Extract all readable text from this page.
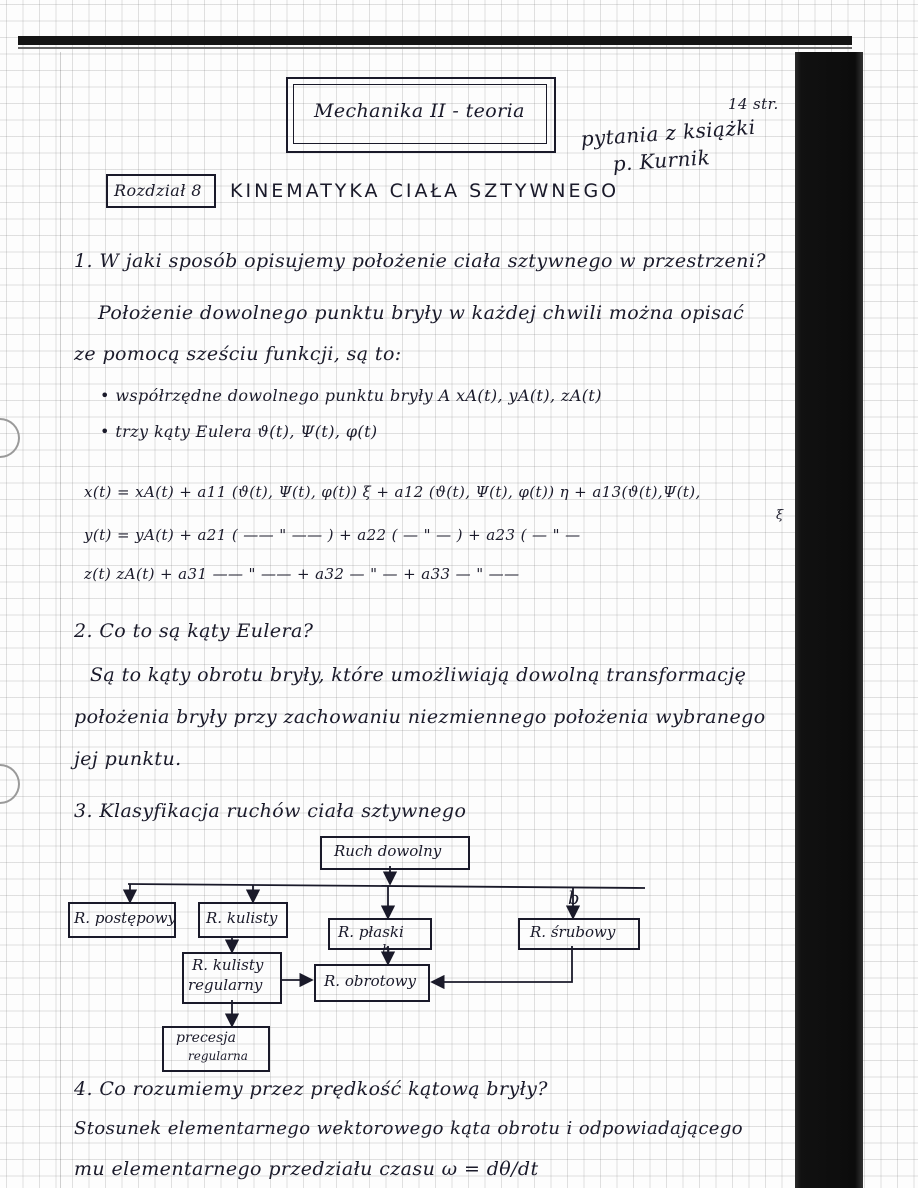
Mechanika II - teoria	14 str.
pytania z książki
p. Kurnik
Rozdział 8 KINEMATYKA CIAŁA SZTYWNEGO
1. W jaki sposób opisujemy położenie ciała sztywnego w przestrzeni?
Położenie dowolnego punktu bryły w każdej chwili można opisać
ze pomocą sześciu funkcji, są to:
• współrzędne dowolnego punktu bryły A xA(t), yA(t), zA(t)
• trzy kąty Eulera ϑ(t), Ψ(t), φ(t)
x(t) = xA(t) + a11 (ϑ(t), Ψ(t), φ(t)) ξ + a12 (ϑ(t), Ψ(t), φ(t)) η + a13(ϑ(t),Ψ(t),
ξ
y(t) = yA(t) + a21 ( —— " —— ) + a22 ( — " — ) + a23 ( — " —
z(t) zA(t) + a31 —— " —— + a32 — " — + a33 — " ——
2. Co to są kąty Eulera?
Są to kąty obrotu bryły, które umożliwiają dowolną transformację
położenia bryły przy zachowaniu niezmiennego położenia wybranego
jej punktu.
3. Klasyfikacja ruchów ciała sztywnego
Ruch dowolny
R. postępowy R. kulisty
R. płaski	R. śrubowy
R. kulisty
regularny	R. obrotowy
precesja
regularna
b
b
4. Co rozumiemy przez prędkość kątową bryły?
Stosunek elementarnego wektorowego kąta obrotu i odpowiadającego
mu elementarnego przedziału czasu ω = dθ/dt
